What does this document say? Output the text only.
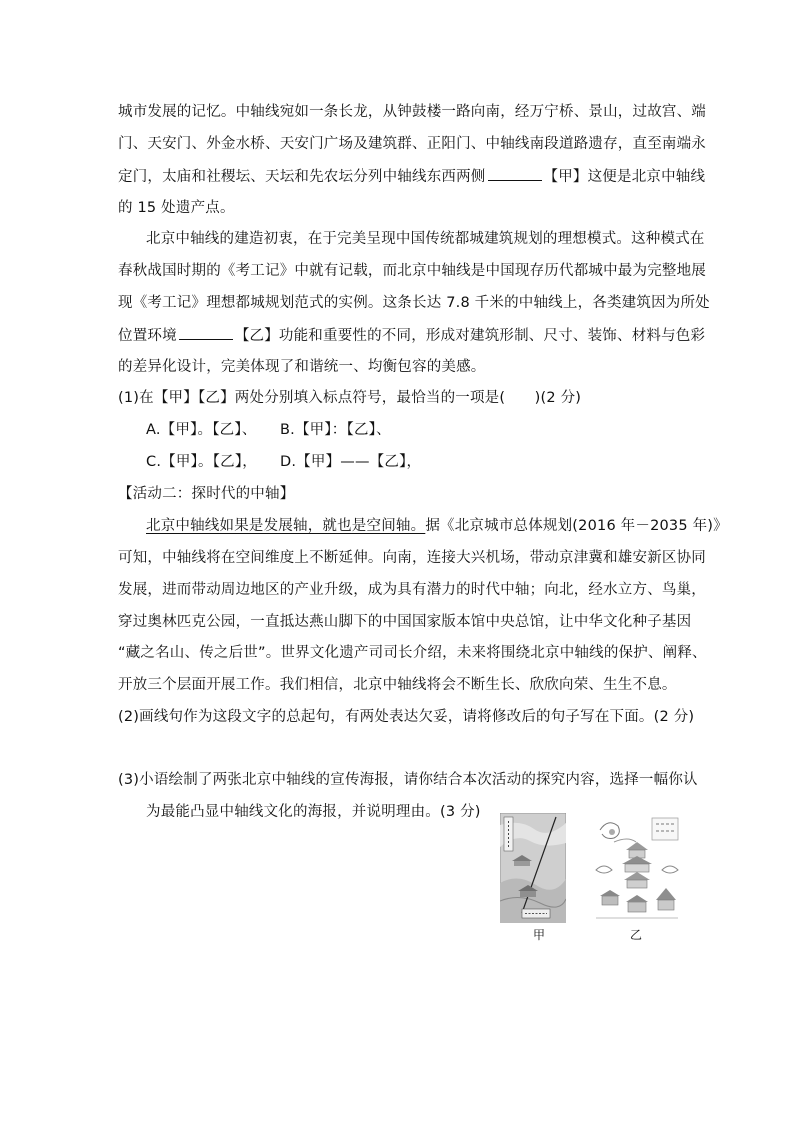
城市发展的记忆。中轴线宛如一条长龙，从钟鼓楼一路向南，经万宁桥、景山，过故宫、端
门、天安门、外金水桥、天安门广场及建筑群、正阳门、中轴线南段道路遗存，直至南端永
定门，太庙和社稷坛、天坛和先农坛分列中轴线东西两侧	【甲】这便是北京中轴线
的 15 处遗产点。
北京中轴线的建造初衷，在于完美呈现中国传统都城建筑规划的理想模式。这种模式在
春秋战国时期的《考工记》中就有记载，而北京中轴线是中国现存历代都城中最为完整地展
现《考工记》理想都城规划范式的实例。这条长达 7.8 千米的中轴线上，各类建筑因为所处
位置环境	【乙】功能和重要性的不同，形成对建筑形制、尺寸、装饰、材料与色彩
的差异化设计，完美体现了和谐统一、均衡包容的美感。
(1)在【甲】【乙】两处分别填入标点符号，最恰当的一项是(　　)(2 分)
A.【甲】。【乙】、 B.【甲】：【乙】、
C.【甲】。【乙】， D.【甲】——【乙】，
【活动二：探时代的中轴】
北京中轴线如果是发展轴，就也是空间轴。据《北京城市总体规划(2016 年－2035 年)》
可知，中轴线将在空间维度上不断延伸。向南，连接大兴机场，带动京津冀和雄安新区协同
发展，进而带动周边地区的产业升级，成为具有潜力的时代中轴；向北，经水立方、鸟巢，
穿过奥林匹克公园，一直抵达燕山脚下的中国国家版本馆中央总馆，让中华文化种子基因
“藏之名山、传之后世”。世界文化遗产司司长介绍，未来将围绕北京中轴线的保护、阐释、
开放三个层面开展工作。我们相信，北京中轴线将会不断生长、欣欣向荣、生生不息。
(2)画线句作为这段文字的总起句，有两处表达欠妥，请将修改后的句子写在下面。(2 分)
(3)小语绘制了两张北京中轴线的宣传海报，请你结合本次活动的探究内容，选择一幅你认
为最能凸显中轴线文化的海报，并说明理由。(3 分)
甲	乙
